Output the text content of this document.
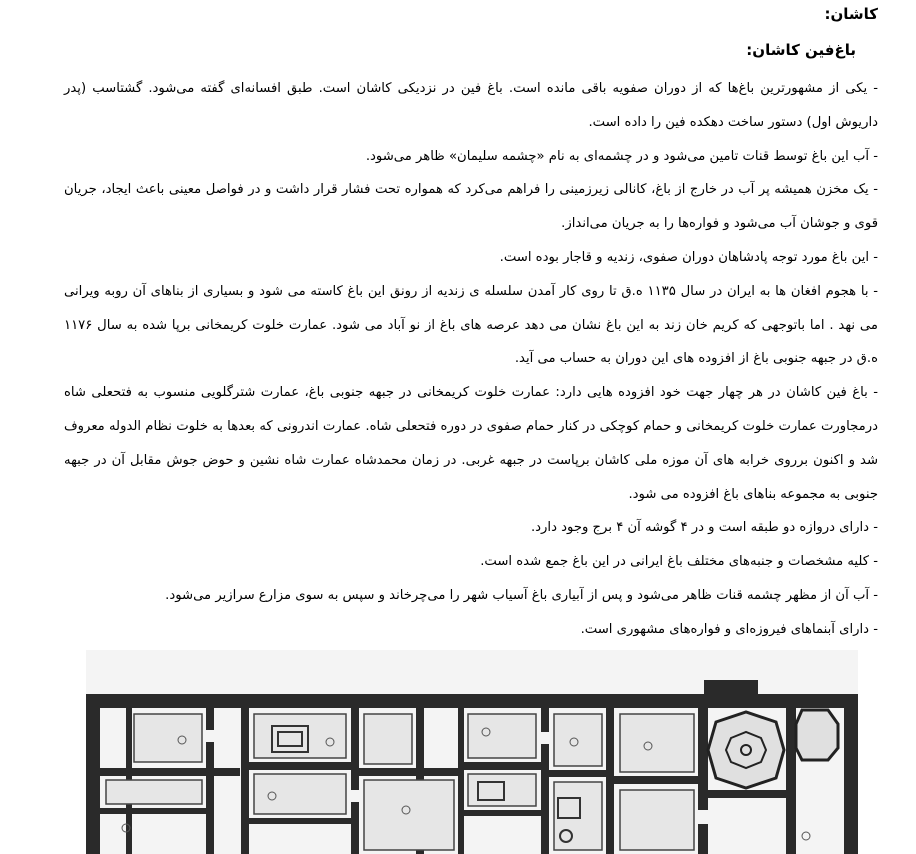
کاشان:
باغ‌فین کاشان:

- یکی از مشهورترین باغ‌ها که از دوران صفویه باقی مانده است. باغ فین در نزدیکی کاشان است. طبق افسانه‌ای گفته می‌شود. گشتاسب (پدر داریوش اول) دستور ساخت دهکده فین را داده است.

- آب این باغ توسط قنات تامین می‌شود و در چشمه‌ای به نام «چشمه سلیمان» ظاهر می‌شود.

- یک مخزن همیشه پر آب در خارج از باغ، کانالی زیرزمینی را فراهم می‌کرد که همواره تحت فشار قرار داشت و در فواصل معینی باعث ایجاد، جریان قوی و جوشان آب می‌شود و فواره‌ها را به جریان می‌انداز.

- این باغ مورد توجه پادشاهان دوران صفوی، زندیه و قاجار بوده است.

- با هجوم افغان ها به ایران در سال ۱۱۳۵ ه.ق تا روی کار آمدن سلسله ی زندیه از رونق این باغ کاسته می شود و بسیاری از بناهای آن روبه ویرانی می نهد . اما باتوجهی که کریم خان زند به این باغ نشان می دهد عرصه های باغ از نو آباد می شود. عمارت خلوت کریمخانی برپا شده به سال ۱۱۷۶ ه.ق در جبهه جنوبی باغ از افزوده های این دوران به حساب می آید.

- باغ فین کاشان در هر چهار جهت خود افزوده هایی دارد: عمارت خلوت کریمخانی در جبهه جنوبی باغ، عمارت شترگلویی منسوب به فتحعلی شاه درمجاورت عمارت خلوت کریمخانی و حمام کوچکی در کنار حمام صفوی در دوره فتحعلی شاه. عمارت اندرونی که بعدها به خلوت نظام الدوله معروف شد و اکنون برروی خرابه های آن موزه ملی کاشان برپاست در جبهه غربی. در زمان محمدشاه عمارت شاه نشین و حوض جوش مقابل آن در جبهه جنوبی به مجموعه بناهای باغ افزوده می شود.

- دارای دروازه دو طبقه است و در ۴ گوشه آن ۴ برج وجود دارد.

- کلیه مشخصات و جنبه‌های مختلف باغ ایرانی در این باغ جمع شده است.

- آب آن از مظهر چشمه قنات ظاهر می‌شود و پس از آبیاری باغ آسیاب شهر را می‌چرخاند و سپس به سوی مزارع سرازیر می‌شود.

- دارای آبنماهای فیروزه‌ای و فواره‌های مشهوری است.
